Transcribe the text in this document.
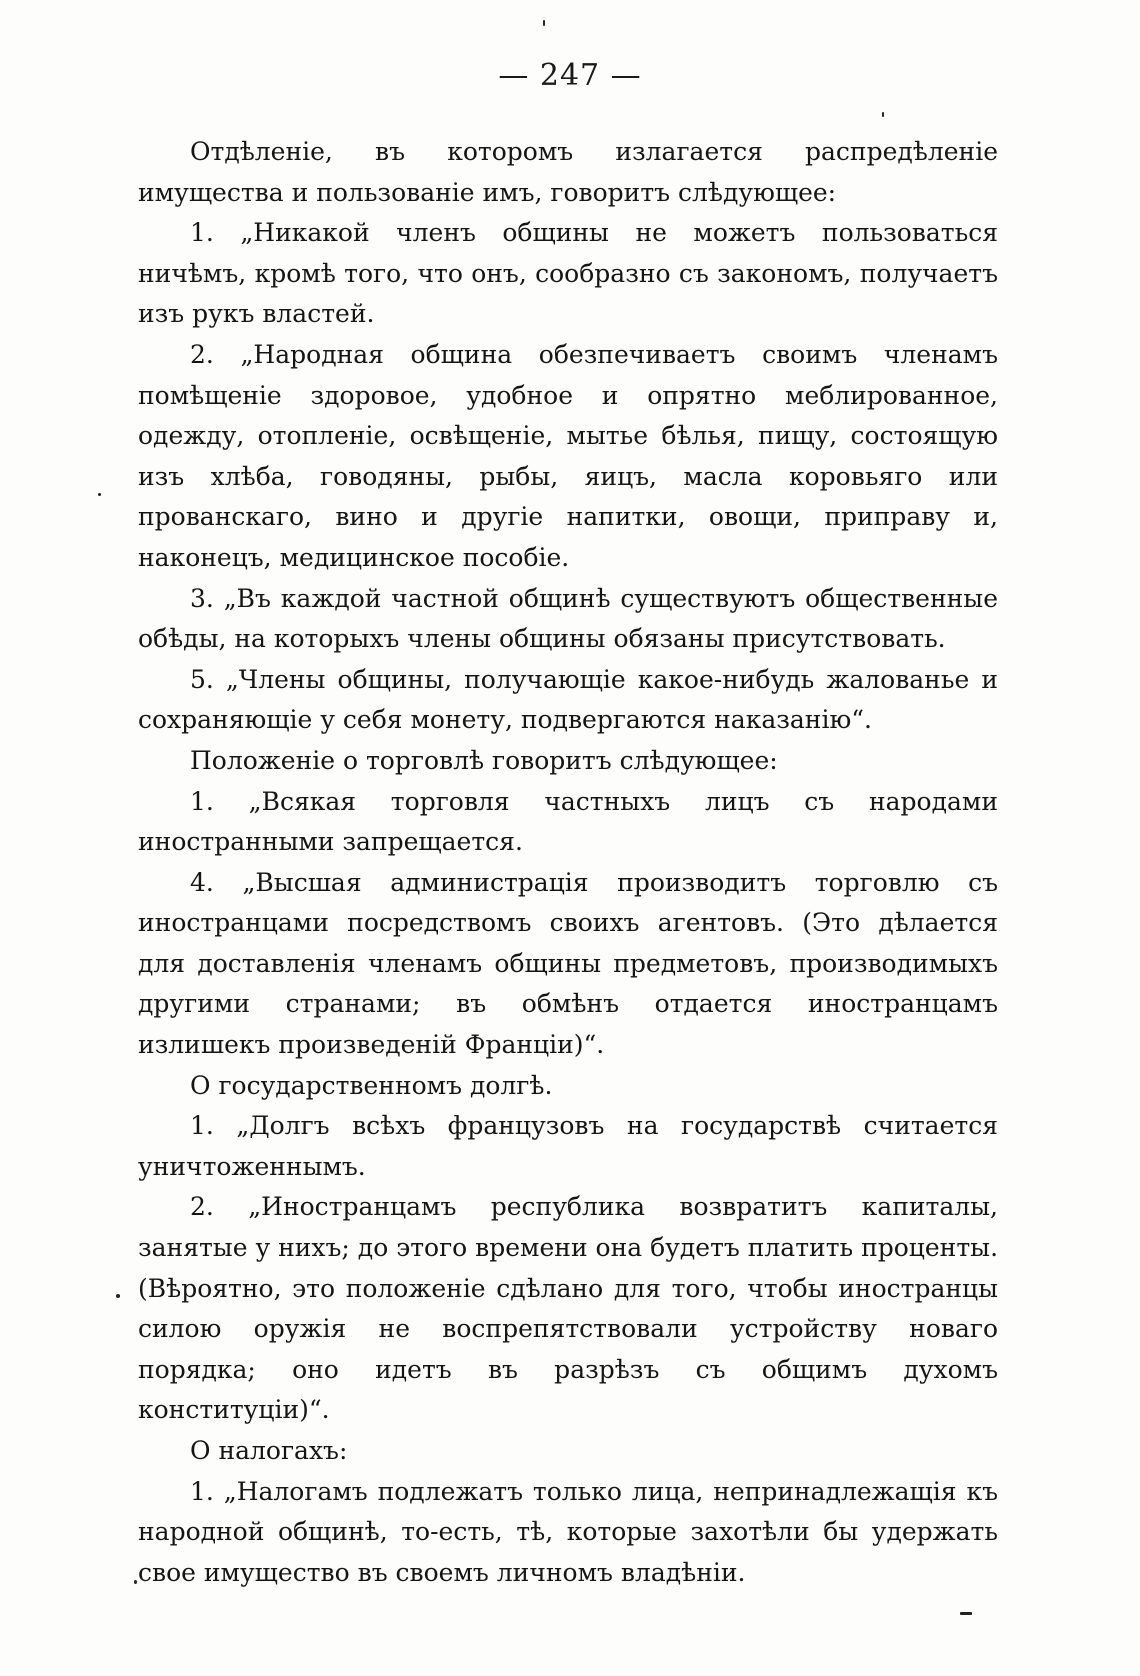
— 247 —

Отдѣленіе, въ которомъ излагается распредѣленіе имущества и пользованіе имъ, говоритъ слѣдующее:

1. „Никакой членъ общины не можетъ пользоваться ничѣмъ, кромѣ того, что онъ, сообразно съ закономъ, получаетъ изъ рукъ властей.

2. „Народная община обезпечиваетъ своимъ членамъ помѣщеніе здоровое, удобное и опрятно меблированное, одежду, отопленіе, освѣщеніе, мытье бѣлья, пищу, состоящую изъ хлѣба, говодяны, рыбы, яицъ, масла коровьяго или прованскаго, вино и другіе напитки, овощи, приправу и, наконецъ, медицинское пособіе.

3. „Въ каждой частной общинѣ существуютъ общественные обѣды, на которыхъ члены общины обязаны присутствовать.

5. „Члены общины, получающіе какое-нибудь жалованье и сохраняющіе у себя монету, подвергаются наказанію“.

Положеніе о торговлѣ говоритъ слѣдующее:

1. „Всякая торговля частныхъ лицъ съ народами иностранными запрещается.

4. „Высшая администрація производитъ торговлю съ иностранцами посредствомъ своихъ агентовъ. (Это дѣлается для доставленія членамъ общины предметовъ, производимыхъ другими странами; въ обмѣнъ отдается иностранцамъ излишекъ произведеній Франціи)“.

О государственномъ долгѣ.

1. „Долгъ всѣхъ французовъ на государствѣ считается уничтоженнымъ.

2. „Иностранцамъ республика возвратитъ капиталы, занятые у нихъ; до этого времени она будетъ платить проценты. (Вѣроятно, это положеніе сдѣлано для того, чтобы иностранцы силою оружія не воспрепятствовали устройству новаго порядка; оно идетъ въ разрѣзъ съ общимъ духомъ конституціи)“.

О налогахъ:

1. „Налогамъ подлежатъ только лица, непринадлежащія къ народной общинѣ, то-есть, тѣ, которые захотѣли бы удержать свое имущество въ своемъ личномъ владѣніи.
